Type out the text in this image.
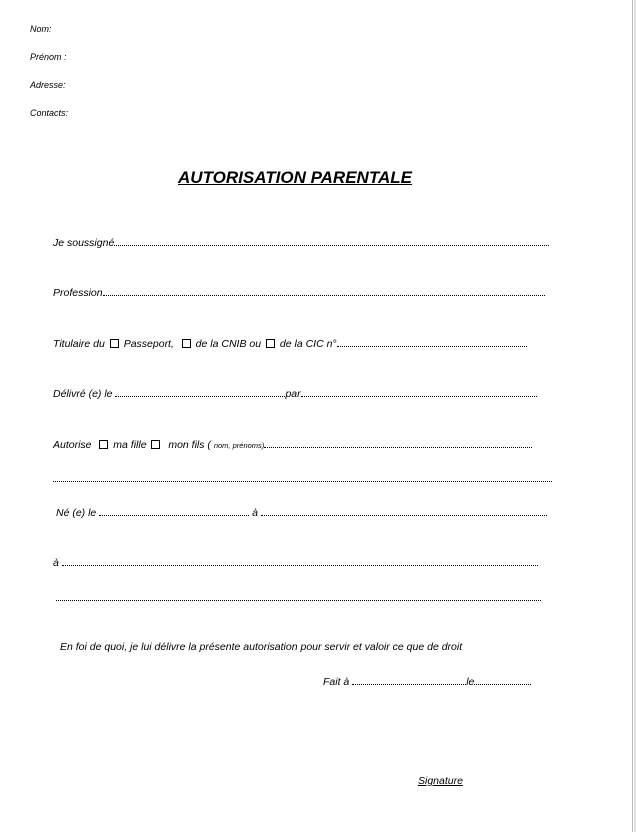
Nom:
Prénom :
Adresse:
Contacts:
AUTORISATION PARENTALE
Je soussigné
Profession
Titulaire du Passeport, de la CNIB ou de la CIC n°
Délivré (e) le	par
Autorise ma fille mon fils ( nom, prénoms)
Né (e) le	à
à
En foi de quoi, je lui délivre la présente autorisation pour servir et valoir ce que de droit
Fait à	le
Signature
